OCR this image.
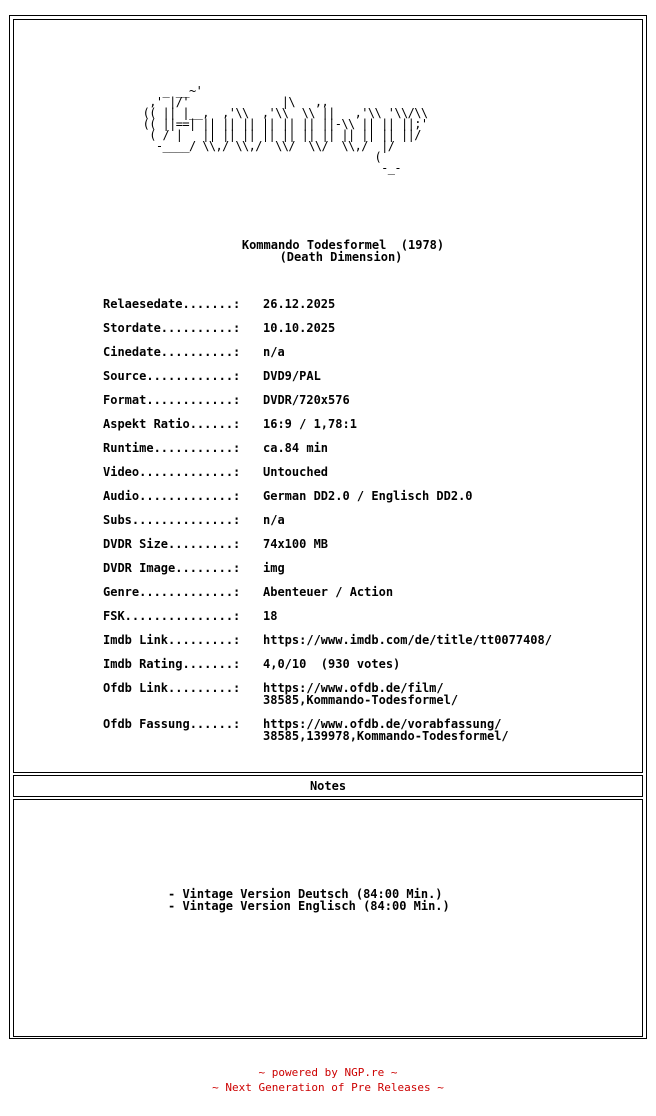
Notes
_ __~'
,' |/'              |\   ,,
(( || |__,  ,'\\  ,'\\  \\ ||   ,'\\ '\\/\\
(( ||==| || || || || || || ||-\\ || || ||;'
( / |   || || || || || || || || || || ||/
-____/ \\,/ \\,/  \\/  \\/  \\,/  |/
(
-_-
Kommando Todesformel  (1978)
(Death Dimension)
Relaesedate.......:	26.12.2025
Stordate..........:	10.10.2025
Cinedate..........:	n/a
Source............:	DVD9/PAL
Format............:	DVDR/720x576
Aspekt Ratio......:	16:9 / 1,78:1
Runtime...........:	ca.84 min
Video.............:	Untouched
Audio.............:	German DD2.0 / Englisch DD2.0
Subs..............:	n/a
DVDR Size.........:	74x100 MB
DVDR Image........:	img
Genre.............:	Abenteuer / Action
FSK...............:	18
Imdb Link.........:	https://www.imdb.com/de/title/tt0077408/
Imdb Rating.......:	4,0/10  (930 votes)
Ofdb Link.........:	https://www.ofdb.de/film/
38585,Kommando-Todesformel/
Ofdb Fassung......:	https://www.ofdb.de/vorabfassung/
38585,139978,Kommando-Todesformel/
- Vintage Version Deutsch (84:00 Min.)
- Vintage Version Englisch (84:00 Min.)
~ powered by NGP.re ~
~ Next Generation of Pre Releases ~
